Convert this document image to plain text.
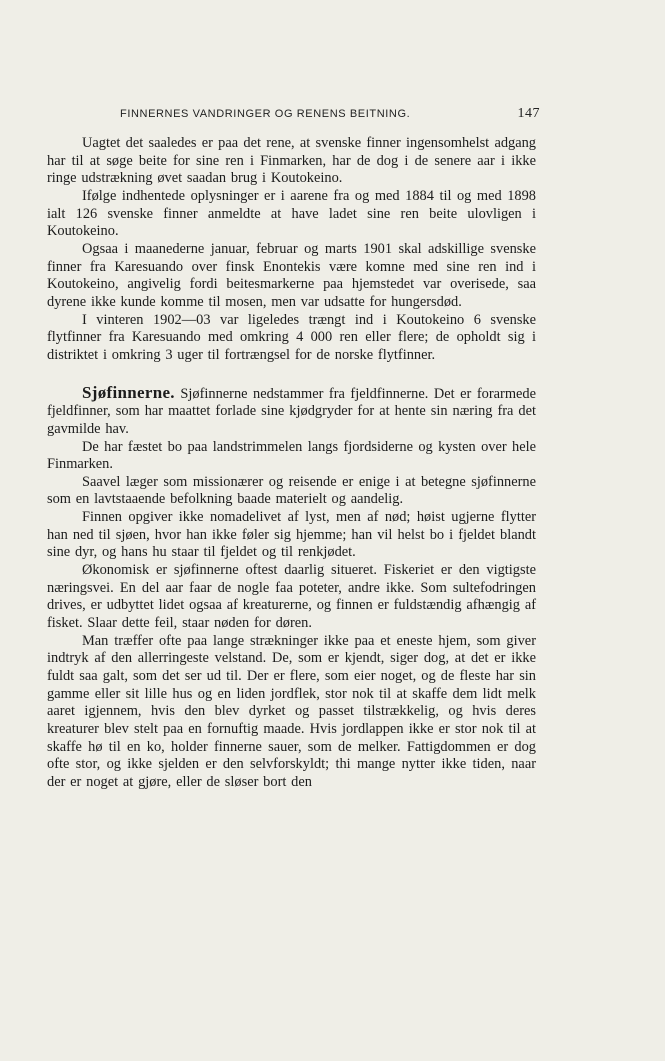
FINNERNES VANDRINGER OG RENENS BEITNING.	147

Uagtet det saaledes er paa det rene, at svenske finner ingensomhelst adgang har til at søge beite for sine ren i Finmarken, har de dog i de senere aar i ikke ringe udstrækning øvet saadan brug i Koutokeino.

Ifølge indhentede oplysninger er i aarene fra og med 1884 til og med 1898 ialt 126 svenske finner anmeldte at have ladet sine ren beite ulovligen i Koutokeino.

Ogsaa i maanederne januar, februar og marts 1901 skal adskillige svenske finner fra Karesuando over finsk Enontekis være komne med sine ren ind i Koutokeino, angivelig fordi beitesmarkerne paa hjemstedet var overisede, saa dyrene ikke kunde komme til mosen, men var udsatte for hungersdød.

I vinteren 1902—03 var ligeledes trængt ind i Koutokeino 6 svenske flytfinner fra Karesuando med omkring 4 000 ren eller flere; de opholdt sig i distriktet i omkring 3 uger til fortrængsel for de norske flytfinner.

Sjøfinnerne. Sjøfinnerne nedstammer fra fjeldfinnerne. Det er forarmede fjeldfinner, som har maattet forlade sine kjødgryder for at hente sin næring fra det gavmilde hav.

De har fæstet bo paa landstrimmelen langs fjordsiderne og kysten over hele Finmarken.

Saavel læger som missionærer og reisende er enige i at betegne sjøfinnerne som en lavtstaaende befolkning baade materielt og aandelig.

Finnen opgiver ikke nomadelivet af lyst, men af nød; høist ugjerne flytter han ned til sjøen, hvor han ikke føler sig hjemme; han vil helst bo i fjeldet blandt sine dyr, og hans hu staar til fjeldet og til renkjødet.

Økonomisk er sjøfinnerne oftest daarlig situeret. Fiskeriet er den vigtigste næringsvei. En del aar faar de nogle faa poteter, andre ikke. Som sultefodringen drives, er udbyttet lidet ogsaa af kreaturerne, og finnen er fuldstændig afhængig af fisket. Slaar dette feil, staar nøden for døren.

Man træffer ofte paa lange strækninger ikke paa et eneste hjem, som giver indtryk af den allerringeste velstand. De, som er kjendt, siger dog, at det er ikke fuldt saa galt, som det ser ud til. Der er flere, som eier noget, og de fleste har sin gamme eller sit lille hus og en liden jordflek, stor nok til at skaffe dem lidt melk aaret igjennem, hvis den blev dyrket og passet tilstrækkelig, og hvis deres kreaturer blev stelt paa en fornuftig maade. Hvis jordlappen ikke er stor nok til at skaffe hø til en ko, holder finnerne sauer, som de melker. Fattigdommen er dog ofte stor, og ikke sjelden er den selvforskyldt; thi mange nytter ikke tiden, naar der er noget at gjøre, eller de sløser bort den
